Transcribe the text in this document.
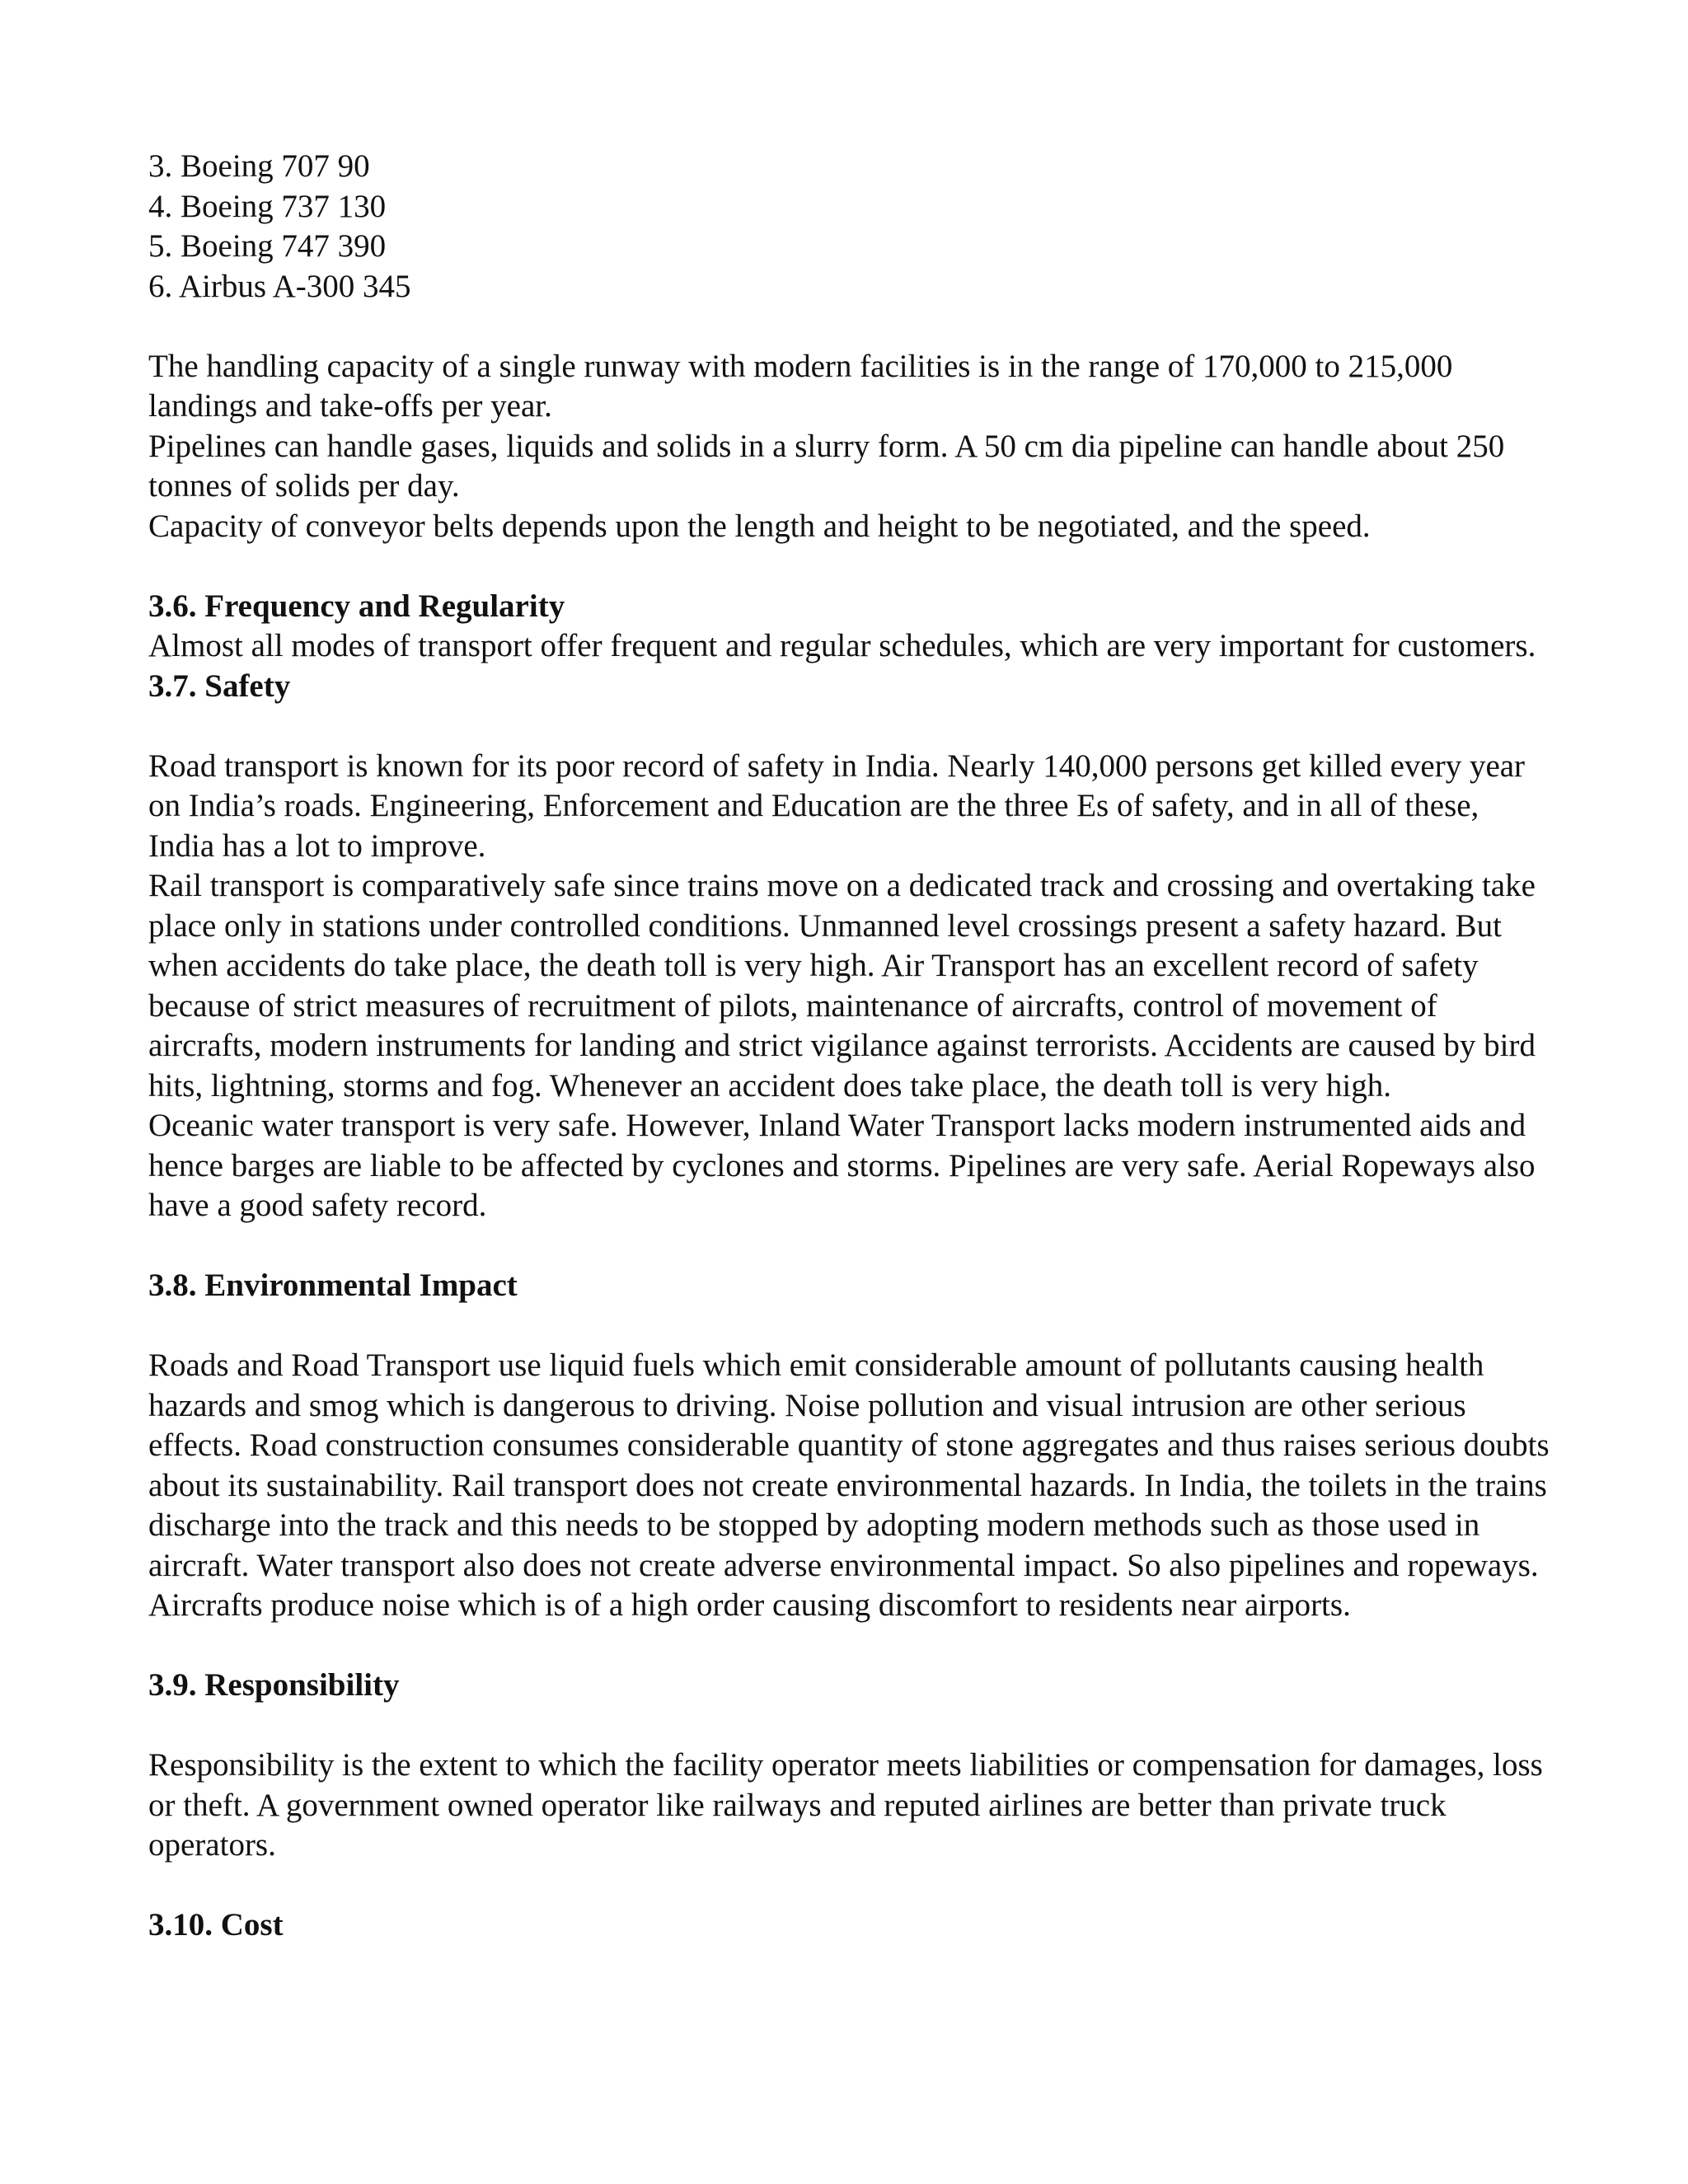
3. Boeing 707 90
4. Boeing 737 130
5. Boeing 747 390
6. Airbus A-300 345

The handling capacity of a single runway with modern facilities is in the range of 170,000 to 215,000 landings and take-offs per year.

Pipelines can handle gases, liquids and solids in a slurry form. A 50 cm dia pipeline can handle about 250 tonnes of solids per day.

Capacity of conveyor belts depends upon the length and height to be negotiated, and the speed.

3.6. Frequency and Regularity

Almost all modes of transport offer frequent and regular schedules, which are very important for customers.

3.7. Safety

Road transport is known for its poor record of safety in India. Nearly 140,000 persons get killed every year on India’s roads. Engineering, Enforcement and Education are the three Es of safety, and in all of these, India has a lot to improve.

Rail transport is comparatively safe since trains move on a dedicated track and crossing and overtaking take place only in stations under controlled conditions. Unmanned level crossings present a safety hazard. But when accidents do take place, the death toll is very high. Air Transport has an excellent record of safety because of strict measures of recruitment of pilots, maintenance of aircrafts, control of movement of aircrafts, modern instruments for landing and strict vigilance against terrorists. Accidents are caused by bird hits, lightning, storms and fog. Whenever an accident does take place, the death toll is very high.

Oceanic water transport is very safe. However, Inland Water Transport lacks modern instrumented aids and hence barges are liable to be affected by cyclones and storms. Pipelines are very safe. Aerial Ropeways also have a good safety record.

3.8. Environmental Impact

Roads and Road Transport use liquid fuels which emit considerable amount of pollutants causing health hazards and smog which is dangerous to driving. Noise pollution and visual intrusion are other serious effects. Road construction consumes considerable quantity of stone aggregates and thus raises serious doubts about its sustainability. Rail transport does not create environmental hazards. In India, the toilets in the trains discharge into the track and this needs to be stopped by adopting modern methods such as those used in aircraft. Water transport also does not create adverse environmental impact. So also pipelines and ropeways. Aircrafts produce noise which is of a high order causing discomfort to residents near airports.

3.9. Responsibility

Responsibility is the extent to which the facility operator meets liabilities or compensation for damages, loss or theft. A government owned operator like railways and reputed airlines are better than private truck operators.

3.10. Cost
